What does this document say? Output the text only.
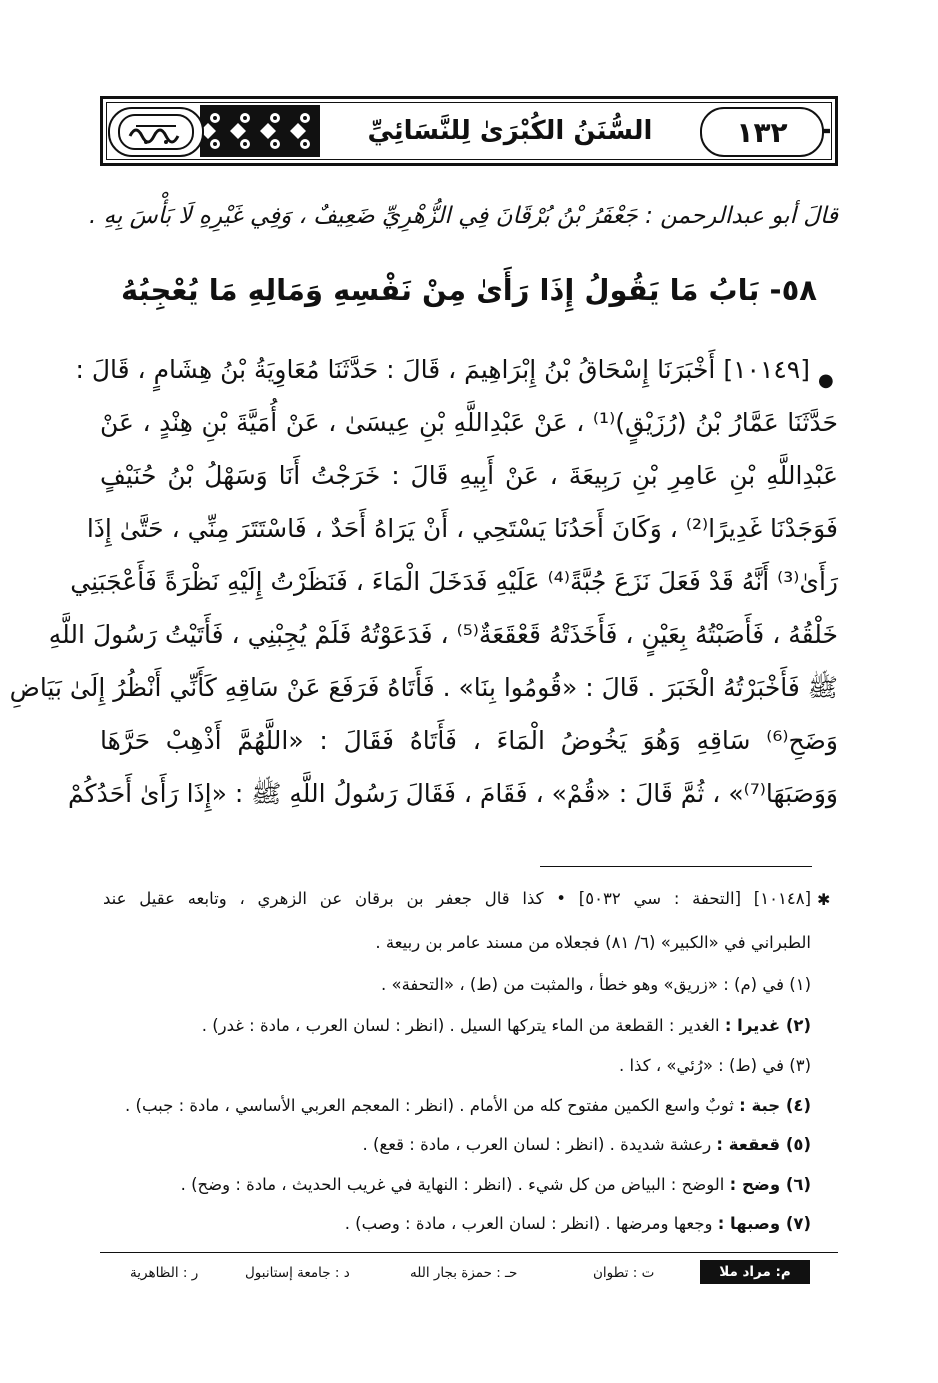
السُّنَنُ الكُبْرَىٰ لِلنَّسَائِيِّ	١٣٢
قالَ أبو عبدالرحمن : جَعْفَرُ بْنُ بُرْقَانَ فِي الزُّهْرِيِّ ضَعِيفٌ ، وَفِي غَيْرِهِ لَا بَأْسَ بِهِ .
٥٨- بَابُ مَا يَقُولُ إِذَا رَأَىٰ مِنْ نَفْسِهِ وَمَالِهِ مَا يُعْجِبُهُ
●
[١٠١٤٩] أَخْبَرَنَا إِسْحَاقُ بْنُ إِبْرَاهِيمَ ، قَالَ : حَدَّثَنَا مُعَاوِيَةُ بْنُ هِشَامٍ ، قَالَ :
حَدَّثَنَا عَمَّارُ بْنُ (رُزَيْقٍ)⁽¹⁾ ، عَنْ عَبْدِاللَّهِ بْنِ عِيسَىٰ ، عَنْ أُمَيَّةَ بْنِ هِنْدٍ ، عَنْ
عَبْدِاللَّهِ بْنِ عَامِرِ بْنِ رَبِيعَةَ ، عَنْ أَبِيهِ قَالَ : خَرَجْتُ أَنَا وَسَهْلُ بْنُ حُنَيْفٍ
فَوَجَدْنَا غَدِيرًا⁽²⁾ ، وَكَانَ أَحَدُنَا يَسْتَحِي ، أَنْ يَرَاهُ أَحَدٌ ، فَاسْتَتَرَ مِنِّي ، حَتَّىٰ إِذَا
رَأَىٰ⁽³⁾ أَنَّهُ قَدْ فَعَلَ نَزَعَ جُبَّةً⁽⁴⁾ عَلَيْهِ فَدَخَلَ الْمَاءَ ، فَنَظَرْتُ إِلَيْهِ نَظْرَةً فَأَعْجَبَنِي
خَلْقُهُ ، فَأَصَبْتُهُ بِعَيْنٍ ، فَأَخَذَتْهُ قَعْقَعَةٌ⁽⁵⁾ ، فَدَعَوْتُهُ فَلَمْ يُجِبْنِي ، فَأَتَيْتُ رَسُولَ اللَّهِ
ﷺ فَأَخْبَرْتُهُ الْخَبَرَ . قَالَ : «قُومُوا بِنَا» . فَأَتَاهُ فَرَفَعَ عَنْ سَاقِهِ كَأَنِّي أَنْظُرُ إِلَىٰ بَيَاضِ
وَضَحِ⁽⁶⁾ سَاقِهِ وَهُوَ يَخُوضُ الْمَاءَ ، فَأَتَاهُ فَقَالَ : «اللَّهُمَّ أَذْهِبْ حَرَّهَا
وَوَصَبَهَا⁽⁷⁾» ، ثُمَّ قَالَ : «قُمْ» ، فَقَامَ ، فَقَالَ رَسُولُ اللَّهِ ﷺ : «إِذَا رَأَىٰ أَحَدُكُمْ
✱
[١٠١٤٨] [التحفة : سي ٥٠٣٢] • كذا قال جعفر بن برقان عن الزهري ، وتابعه عقيل عند
الطبراني في «الكبير» (٦/ ٨١) فجعلاه من مسند عامر بن ربيعة .
(١) في (م) : «زريق» وهو خطأ ، والمثبت من (ط) ، «التحفة» .
(٢) غديرا : الغدير : القطعة من الماء يتركها السيل . (انظر : لسان العرب ، مادة : غدر) .
(٣) في (ط) : «رُئي» ، كذا .
(٤) جبة : ثوبٌ واسع الكمين مفتوح كله من الأمام . (انظر : المعجم العربي الأساسي ، مادة : جبب) .
(٥) قعقعة : رعشة شديدة . (انظر : لسان العرب ، مادة : قعع) .
(٦) وضح : الوضح : البياض من كل شيء . (انظر : النهاية في غريب الحديث ، مادة : وضح) .
(٧) وصبها : وجعها ومرضها . (انظر : لسان العرب ، مادة : وصب) .
م: مراد ملا
ت : تطوان
حـ : حمزة بجار الله
د : جامعة إستانبول
ر : الظاهرية
